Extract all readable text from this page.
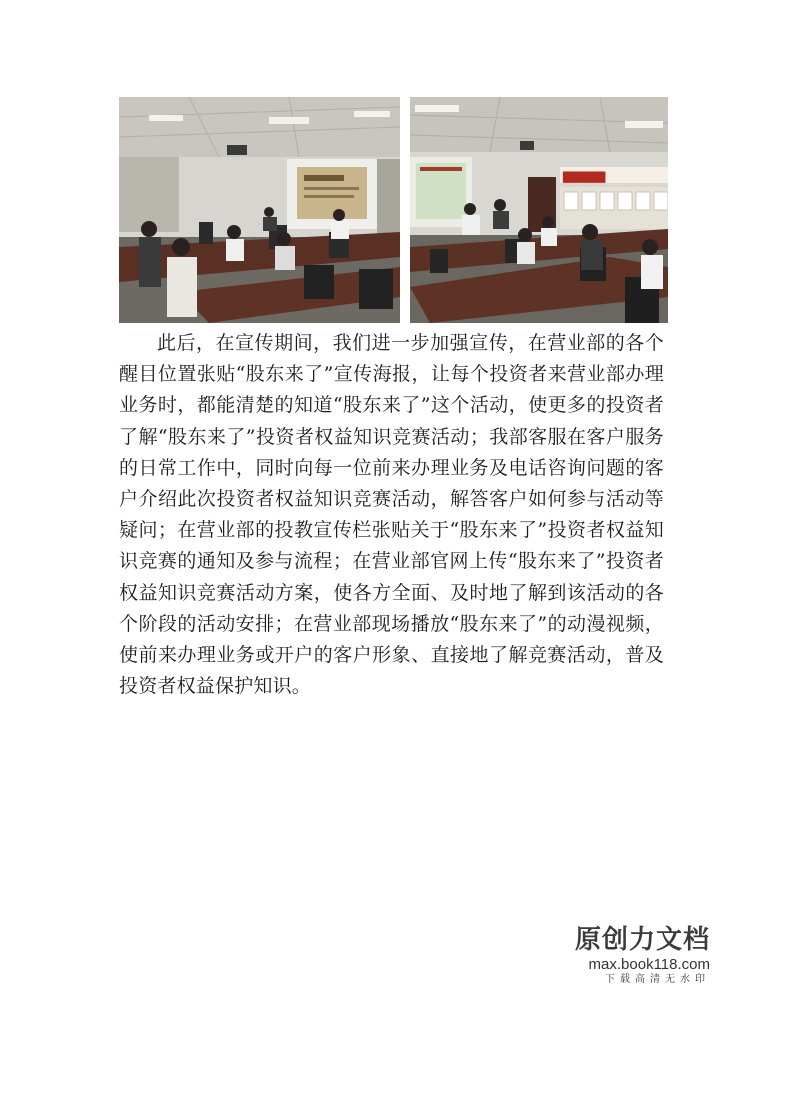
▇▇▇▇▇

此后，在宣传期间，我们进一步加强宣传，在营业部的各个醒目位置张贴“股东来了”宣传海报，让每个投资者来营业部办理业务时，都能清楚的知道“股东来了”这个活动，使更多的投资者了解“股东来了”投资者权益知识竞赛活动；我部客服在客户服务的日常工作中，同时向每一位前来办理业务及电话咨询问题的客户介绍此次投资者权益知识竞赛活动，解答客户如何参与活动等疑问；在营业部的投教宣传栏张贴关于“股东来了”投资者权益知识竞赛的通知及参与流程；在营业部官网上传“股东来了”投资者权益知识竞赛活动方案，使各方全面、及时地了解到该活动的各个阶段的活动安排；在营业部现场播放“股东来了”的动漫视频，使前来办理业务或开户的客户形象、直接地了解竞赛活动，普及投资者权益保护知识。

原创力文档
max.book118.com
下载高清无水印
